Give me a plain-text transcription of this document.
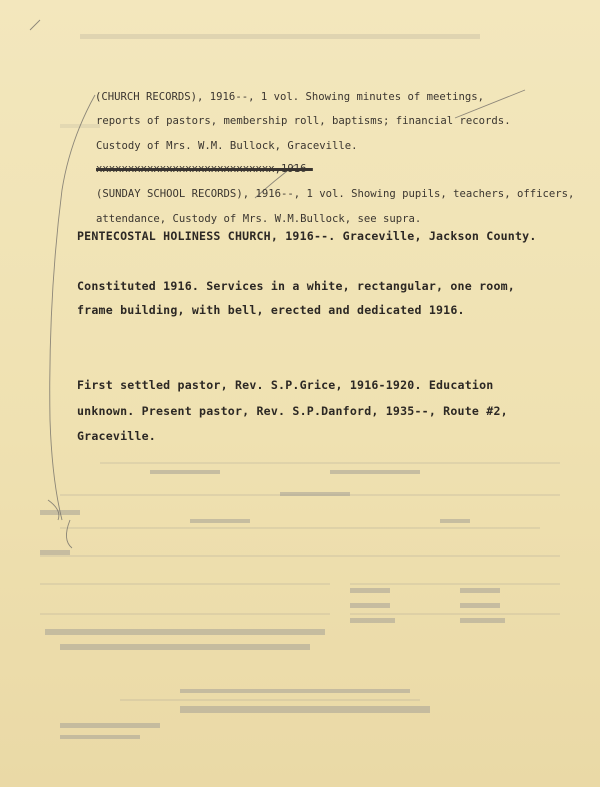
(CHURCH RECORDS), 1916--, 1 vol. Showing minutes of meetings,
reports of pastors, membership roll, baptisms; financial records.
Custody of Mrs. W.M. Bullock, Graceville.
xxxxxxxxxxxxxxxxxxxxxxxxxxxx,1916-
(SUNDAY SCHOOL RECORDS), 1916--, 1 vol. Showing pupils, teachers, officers,
attendance, Custody of Mrs. W.M.Bullock, see supra.
PENTECOSTAL HOLINESS CHURCH, 1916--. Graceville, Jackson County.
Constituted 1916. Services in a white, rectangular, one room,
frame building, with bell, erected and dedicated 1916.
First settled pastor, Rev. S.P.Grice, 1916-1920. Education
unknown. Present pastor, Rev. S.P.Danford, 1935--, Route #2,
Graceville.
